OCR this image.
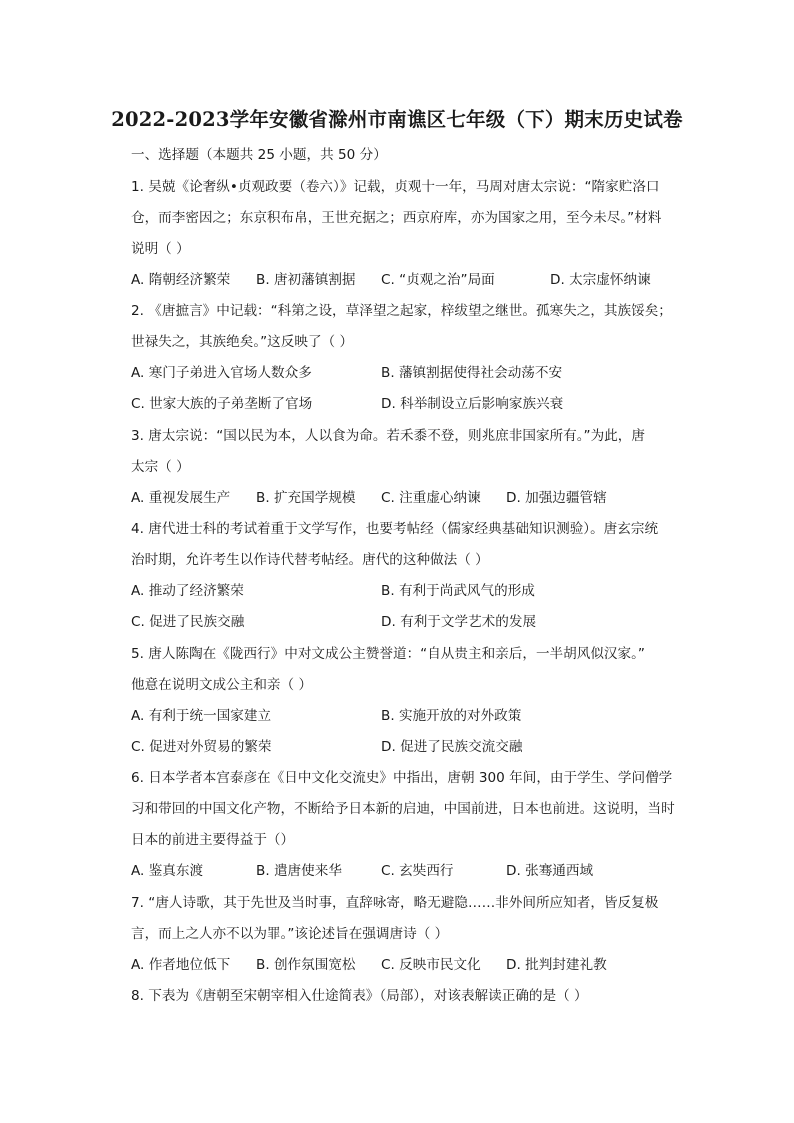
2022-2023学年安徽省滁州市南谯区七年级（下）期末历史试卷
一、选择题（本题共 25 小题，共 50 分）
1. 吴兢《论奢纵•贞观政要（卷六）》记载，贞观十一年，马周对唐太宗说：“隋家贮洛口
仓，而李密因之；东京积布帛，王世充据之；西京府库，亦为国家之用，至今未尽。”材料
说明（ ）
A. 隋朝经济繁荣 B. 唐初藩镇割据 C. “贞观之治”局面	D. 太宗虚怀纳谏
2. 《唐摭言》中记载：“科第之设，草泽望之起家，梓绂望之继世。孤寒失之，其族馁矣；
世禄失之，其族绝矣。”这反映了（ ）
A. 寒门子弟进入官场人数众多	B. 藩镇割据使得社会动荡不安
C. 世家大族的子弟垄断了官场	D. 科举制设立后影响家族兴衰
3. 唐太宗说：“国以民为本，人以食为命。若禾黍不登，则兆庶非国家所有。”为此，唐
太宗（ ）
A. 重视发展生产 B. 扩充国学规模 C. 注重虚心纳谏 D. 加强边疆管辖
4. 唐代进士科的考试着重于文学写作，也要考帖经（儒家经典基础知识测验）。唐玄宗统
治时期，允许考生以作诗代替考帖经。唐代的这种做法（ ）
A. 推动了经济繁荣	B. 有利于尚武风气的形成
C. 促进了民族交融	D. 有利于文学艺术的发展
5. 唐人陈陶在《陇西行》中对文成公主赞誉道：“自从贵主和亲后，一半胡风似汉家。”
他意在说明文成公主和亲（ ）
A. 有利于统一国家建立	B. 实施开放的对外政策
C. 促进对外贸易的繁荣	D. 促进了民族交流交融
6. 日本学者本宫泰彦在《日中文化交流史》中指出，唐朝 300 年间，由于学生、学问僧学
习和带回的中国文化产物，不断给予日本新的启迪，中国前进，日本也前进。这说明，当时
日本的前进主要得益于（）
A. 鉴真东渡	B. 遣唐使来华	C. 玄奘西行	D. 张骞通西域
7. “唐人诗歌，其于先世及当时事，直辞咏寄，略无避隐……非外间所应知者，皆反复极
言，而上之人亦不以为罪。”该论述旨在强调唐诗（ ）
A. 作者地位低下 B. 创作氛围宽松 C. 反映市民文化 D. 批判封建礼教
8. 下表为《唐朝至宋朝宰相入仕途简表》（局部），对该表解读正确的是（ ）
